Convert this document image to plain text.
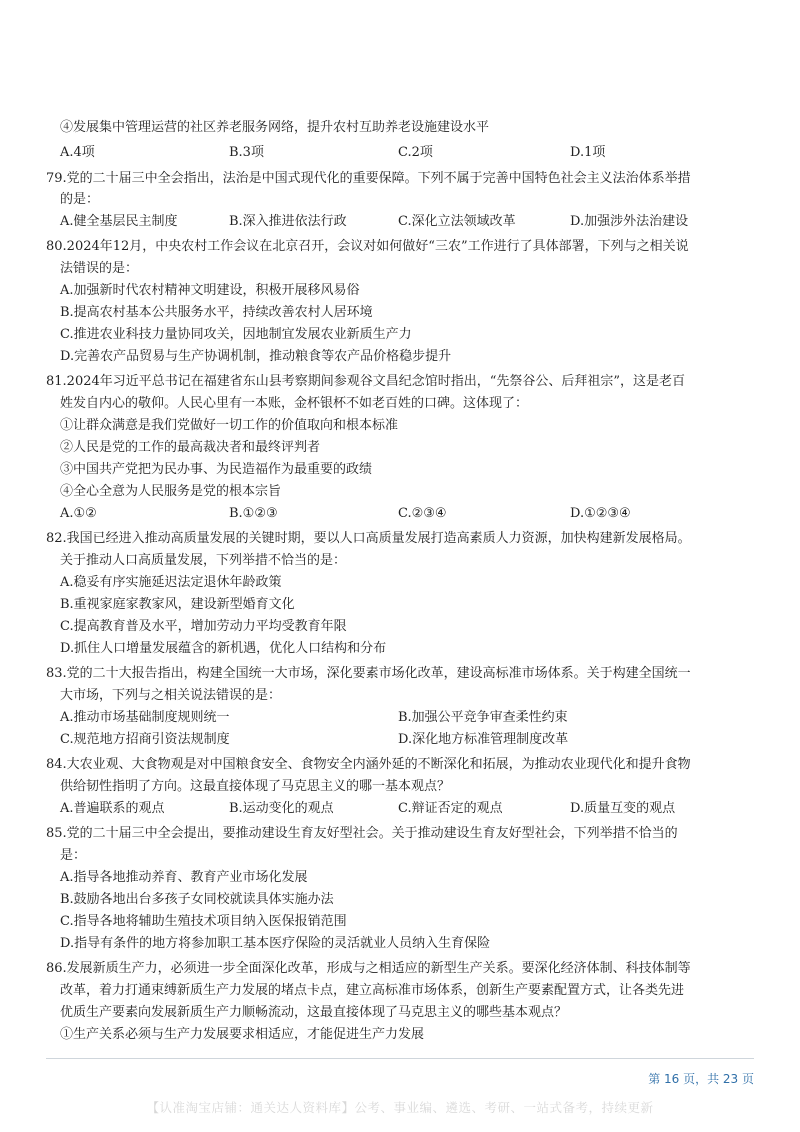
④发展集中管理运营的社区养老服务网络，提升农村互助养老设施建设水平
A.4项	B.3项	C.2项	D.1项
79.党的二十届三中全会指出，法治是中国式现代化的重要保障。下列不属于完善中国特色社会主义法治体系举措
的是：
A.健全基层民主制度	B.深入推进依法行政	C.深化立法领域改革	D.加强涉外法治建设
80.2024年12月，中央农村工作会议在北京召开，会议对如何做好“三农”工作进行了具体部署，下列与之相关说
法错误的是：
A.加强新时代农村精神文明建设，积极开展移风易俗
B.提高农村基本公共服务水平，持续改善农村人居环境
C.推进农业科技力量协同攻关，因地制宜发展农业新质生产力
D.完善农产品贸易与生产协调机制，推动粮食等农产品价格稳步提升
81.2024年习近平总书记在福建省东山县考察期间参观谷文昌纪念馆时指出，“先祭谷公、后拜祖宗”，这是老百
姓发自内心的敬仰。人民心里有一本账，金杯银杯不如老百姓的口碑。这体现了：
①让群众满意是我们党做好一切工作的价值取向和根本标准
②人民是党的工作的最高裁决者和最终评判者
③中国共产党把为民办事、为民造福作为最重要的政绩
④全心全意为人民服务是党的根本宗旨
A.①②	B.①②③	C.②③④	D.①②③④
82.我国已经进入推动高质量发展的关键时期，要以人口高质量发展打造高素质人力资源，加快构建新发展格局。
关于推动人口高质量发展，下列举措不恰当的是：
A.稳妥有序实施延迟法定退休年龄政策
B.重视家庭家教家风，建设新型婚育文化
C.提高教育普及水平，增加劳动力平均受教育年限
D.抓住人口增量发展蕴含的新机遇，优化人口结构和分布
83.党的二十大报告指出，构建全国统一大市场，深化要素市场化改革，建设高标准市场体系。关于构建全国统一
大市场，下列与之相关说法错误的是：
A.推动市场基础制度规则统一	B.加强公平竞争审查柔性约束
C.规范地方招商引资法规制度	D.深化地方标准管理制度改革
84.大农业观、大食物观是对中国粮食安全、食物安全内涵外延的不断深化和拓展，为推动农业现代化和提升食物
供给韧性指明了方向。这最直接体现了马克思主义的哪一基本观点？
A.普遍联系的观点	B.运动变化的观点	C.辩证否定的观点	D.质量互变的观点
85.党的二十届三中全会提出，要推动建设生育友好型社会。关于推动建设生育友好型社会，下列举措不恰当的
是：
A.指导各地推动养育、教育产业市场化发展
B.鼓励各地出台多孩子女同校就读具体实施办法
C.指导各地将辅助生殖技术项目纳入医保报销范围
D.指导有条件的地方将参加职工基本医疗保险的灵活就业人员纳入生育保险
86.发展新质生产力，必须进一步全面深化改革，形成与之相适应的新型生产关系。要深化经济体制、科技体制等
改革，着力打通束缚新质生产力发展的堵点卡点，建立高标准市场体系，创新生产要素配置方式，让各类先进
优质生产要素向发展新质生产力顺畅流动，这最直接体现了马克思主义的哪些基本观点？
①生产关系必须与生产力发展要求相适应，才能促进生产力发展
第 16 页，共 23 页
【认准淘宝店铺：通关达人资料库】公考、事业编、遴选、考研、一站式备考，持续更新
